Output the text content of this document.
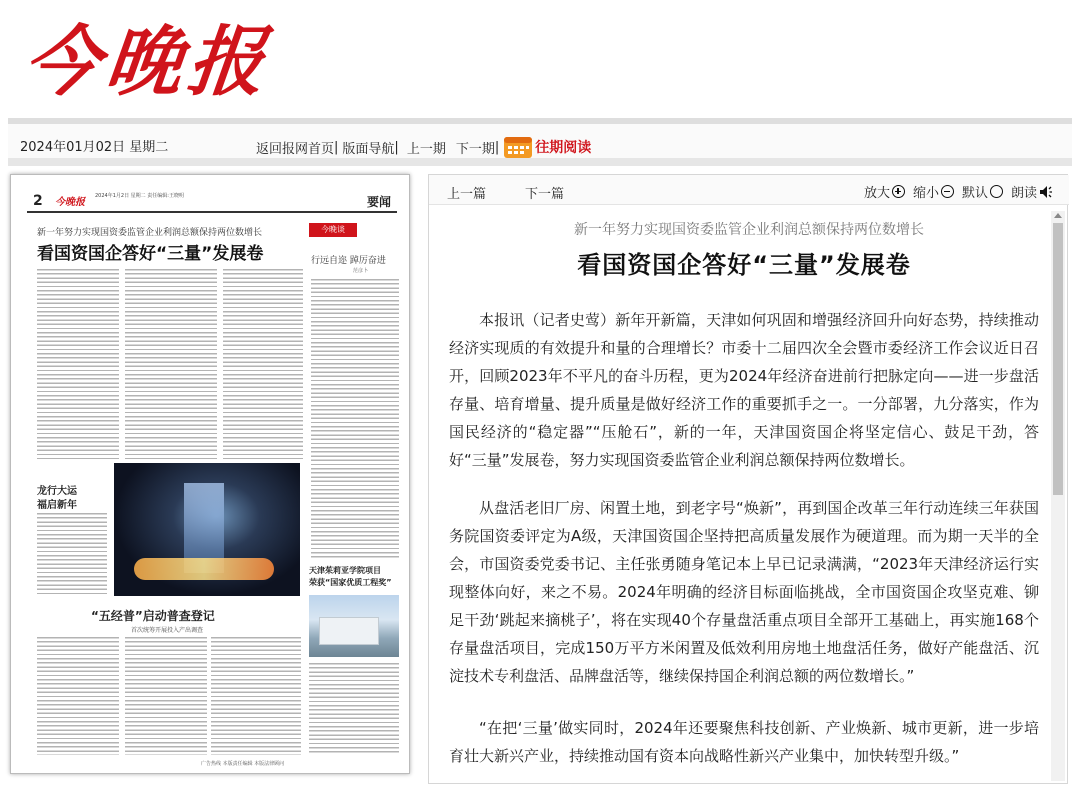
今晚报
2024年01月02日 星期二	返回报网首页 | 版面导航 | 上一期 下一期 |	往期阅读
2 今晚报
2024年1月2日 星期二 责任编辑:王晓明	要闻
新一年努力实现国资委监管企业利润总额保持两位数增长
看国资国企答好“三量”发展卷
今晚谈
行远自迩 踔厉奋进
范彦卜
龙行大运
福启新年
天津茱莉亚学院项目
荣获“国家优质工程奖”
“五经普”启动普查登记
首次统筹开展投入产出调查
广告热线 本版责任编辑 本版法律顾问
上一篇	下一篇	放大 缩小 默认 朗读
新一年努力实现国资委监管企业利润总额保持两位数增长
看国资国企答好“三量”发展卷

本报讯（记者史莺）新年开新篇，天津如何巩固和增强经济回升向好态势，持续推动经济实现质的有效提升和量的合理增长？市委十二届四次全会暨市委经济工作会议近日召开，回顾2023年不平凡的奋斗历程，更为2024年经济奋进前行把脉定向——进一步盘活存量、培育增量、提升质量是做好经济工作的重要抓手之一。一分部署，九分落实，作为国民经济的“稳定器”“压舱石”，新的一年，天津国资国企将坚定信心、鼓足干劲，答好“三量”发展卷，努力实现国资委监管企业利润总额保持两位数增长。

从盘活老旧厂房、闲置土地，到老字号“焕新”，再到国企改革三年行动连续三年获国务院国资委评定为A级，天津国资国企坚持把高质量发展作为硬道理。而为期一天半的全会，市国资委党委书记、主任张勇随身笔记本上早已记录满满，“2023年天津经济运行实现整体向好，来之不易。2024年明确的经济目标面临挑战，全市国资国企攻坚克难、铆足干劲‘跳起来摘桃子’，将在实现40个存量盘活重点项目全部开工基础上，再实施168个存量盘活项目，完成150万平方米闲置及低效利用房地土地盘活任务，做好产能盘活、沉淀技术专利盘活、品牌盘活等，继续保持国企利润总额的两位数增长。”

“在把‘三量’做实同时，2024年还要聚焦科技创新、产业焕新、城市更新，进一步培育壮大新兴产业，持续推动国有资本向战略性新兴产业集中，加快转型升级。”
